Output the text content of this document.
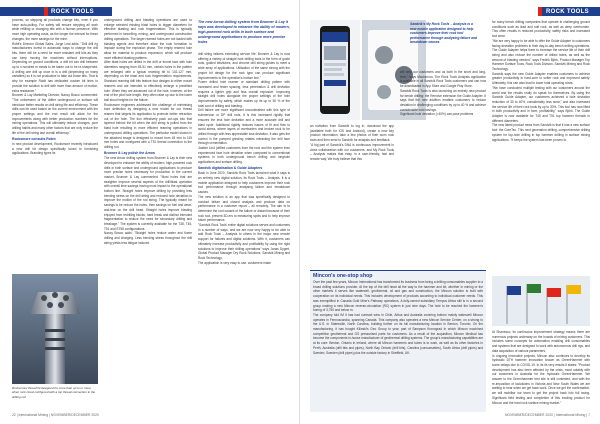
ROCK TOOLS

process, so stepping all products change bits, even if you have auto-pulling. For safety will ensure stepping all work while refilling or changing bits with a human presence. With more high operating costs, as the longer the interval for these changes, the more savings for the mine.

Robit's Director Global Sales, Jorge Leal adds: "Drill drill rig manufacturers invest in automatic ways to change the drill bits, there will be a need for more resistant drill bits as they can keep moving the machines without interruptions. Depending on ground conditions, a drill bit can drill between up to x hundred m meals to be taken out to be re-sharpened. A drilling one drill up once in is a drill (depending on many variables) so it is not productive to take out those bits. That is why for example Robit has dedicated custom bit lines to provide the solution to drill with more than amount of motion, extra resistance."

Brunner & Lay Marketing Director, Nancy Bosco commented: "The unforeseen of the drifter underground or surface will introduce better results on drill string life and efficiency. These drills can be used based on the current environment with the proper settings and the end result will allow for the improvements along with better production numbers for the mining operations. This will ultimately reduce changes, poor drilling habits and many other factors that are only reduce the life of the drill string last overall efficiency."

Rocksmore consults Rotex

In new product development, Rocksmore recently introduced a new drill bit design specifically tuned to furnishing applications. Branding types its

Rocksmore thread bit designed for more than up to or more when rock cloud configured with a top thread connection to the drilling rod

underground drilling and blasting operations are used to enlarge selected existing blast holes to bigger diameters for effective blasting and rock fragmentation. This is typically performed in tunnelling, mining, and underground construction drilling operations. The larger reamed holes are not loaded with blasting agents and therefore allow the rock formation to implode during the explosion phase. The empty reamed hole allow for material to produce expansion, which will produce more efficient blasting patterns.

After blast holes are drilled in the drift or tunnel face with hole diameters ranging from 45-51 mm, certain holes in the pattern are enlarged with a typical reaming bit to 102-127 mm, depending on the blast and rock fragmentation requirements. Standard reaming drill bits feature four designs to either mount reamers and are intended to effectively enlarge a predrilled hole. When they are advanced out of the hole, however, at the end of the pilot hole length, they often raise up due to the lower ball stood heights for the failure.

Rocksmore engineers addressed the challenge of minimising bore deflection by designing a new model for our thread reamer that targets its application to promote better retraction out of the hole. The tion effectively pack cut-ups into that tapered behind the bit when the drill string is pulled from the blast hole resulting in more efficient reaming operations in underground drilling operations. The particular model shown in the attached image is designed to mount from 45 mm to 115 mm holes and configured with a T51 thread connection to the drilling rod.

Brunner & Lay polish the Arrow

The new Arrow drilling system from Brunner & Lay is their new developed to enhance the ability of modern, high-powered rock drills in both surface and underground applications to produce more precise holes necessary for production in the current market, Brunner & Lay commented: "Most holes that are straighter improve several aspects of the drill/blast operation with overall time savings having most impact to the operational bottom line. Straight holes improve drilling by providing less bending stress on the drill string and reduced hole deviation to improve the motion of the rod string. The typically meant for savings to be reduce the holes, then savings on fuel and wear-and-tear on the drill head. Straight holes improve blasting enjoyed from redrilling blocks, hard break and distinct intended fragmentation to reduce the need for secondary drilling and breakage." The system is currently available for the T38, T45, T51 and ST58 configurations.

Nancy Bosco adds: "Straight holes reduce water and flume drilling and charging. Less bending stress throughout the drill string yields less fatigue induced

The new Arrow drilling system from Brunner & Lay it says was developed to enhance the ability of modern, high-powered rock drills in both surface and underground applications to produce more precise holes

drill string failures extending service life. Brunner & Lay is now offering a variety of straight hole drilling tools in the form of guide rods, guided bits/tubes, and chrome drill string guides to meet a wide array of applications. Utilisation of the same strong with the proper bit design for the rock type can produce significant improvements to the operation's bottom line."

Power drilled hole reamer or standard drilling pattern with increased and fewer spacing, less penetration & drill deviation requires a lighter grip and less overall explosive. Improving straight drill holes alongside the proper settings of the hole improvements by safety, which makes up its up to 50 % of the total cost of drilling and blasting.

Drill failure are more significant unconstrained with this type of submersion or DP drill rods. It is this increased rigidity that ensures the less hole deviation and a more accurate drill and blast cycle. Additional rigidity reduces issues of fit and flow to avoid stress, where layers of overburden and broken rock to be drilled through with less appreciable loss deviation. It also gets the control in the pumped grinding rotates extracting the drill face through cementation.

Joakim Lind (drilled customers from the rock and the system from experienced face hole deviation when compared to conventional systems in both underground bench drilling and longhole applications and surface drilling.

Sandvik digitalisation & Guide Adapters

Back in June 2020, Sandvik Rock Tools launched what it says is an entirely new digital solution, its Rock Tools – Analysis. It is a mobile application designed to help customers improve their rock tool performance through analysing failure and breakdown causes.

The new solution is an app that was specifically designed to conduct failure and closed analysis and produce data on performance in a customer report – all remotely. The aim is to determine the root causes of the failure or distant because of their rock tool, present 3D-ers to measuring spots and to help improve future performance.

"Sandvik Rock Tools' entire digital solutions serves and customers in a number of ways, and we are now very happy to be able to add Rock Tools – Analysis to others in the major new remote support for failures and digital solutions. With it, customers can ultimately increase productivity and profitability by using the right solutions to improve their drilling operations" says Jonas Dygert, Global Product Manager Dry Rock Solutions, Sandvik Mining and Rock Technology.

The application is very easy to use: customers make

22 | International Mining | NOVEMBER/DECEMBER 2020
ROCK TOOLS
Sandvik's My Rock Tools – Analysis is a new mobile application designed to help customers improve their rock tool performance through analysing failure and breakdown causes

an invitation from Sandvik to log in, download the app (available both for iOS and Android), create a new key product information, take a few photos of their worn rock tools and then send to Sandvik for analysis and feedback.

"A big part of Sandvik's DNA is continuous improvement in close collaboration with our customers, and My Rock Tools – Analysis makes that easy, in a user-friendly, fast and remote way. We truly believe that this

will help our customers and us both in the short and long-term," says Mackinnon. The Rock Tools Analysis application is available in all Sandvik Rock Tools customers and can now be downloaded in App Store and Google Play Store.

Sandvik Rock Tools is also launching an entirely new product for bench drilling: the Remove extension the Guide Adapter. It says that the new addition enables customers to reduce deviation in challenging conditions by up to 40 % and achieve considerable cost savings.

Significant hole deviation (>40%) can pose problems

for many bench drilling companies that operate in challenging ground conditions such as lead and soft rock, as well as deep overburden. This often results in reduced productivity, safety risks and increased tool wear.

"We are very happy to be able to offer the Guide Adapter to customers facing deviation problems in their day-to-day bench drilling operations. The Guide Adapter helps them to increase the service life of their drill string and also reduce the number of drilled holes, as well as the amount of blasting needed," says Fredrik Björk, Product Manager Top Hammer Surface Tools, Rock Tools Division, Sandvik Mining and Rock Technology.

Sandvik says the new Guide Adapter enables customers to achieve greater productivity in hard-core to softer rock and improved safety. Ultimately, this can also lead to lower total operating costs.

"We have conducted multiple testing with our customers around the world and the results really do speak for themselves. By using the Sandvik Guide Adapter, our customers achieved a hole deviation reduction of 30 to 40%, considerably less wear," and also increased the service life of their rock tools by up to 30%. This tool has now lifted in both productivity and in form, profitability," says Björk. The Guide Adapter is now available for T45 and T51 top hammer threads in different diameters.

The new latest product news from Sandvik is that it has a new surface tool: the CoreTec. This next generation drilling, comprehensive drilling system for top-hole drilling in top hammer drilling in surface mining applications. "It keeps the system has been proven to

Mincon's one-stop shop

Over the past few years, Mincon International has transformed its business from being a drilling consumables supplier to a broad drilling solutions provider. At the top of the drill head all the way to the hammer and bit, whether in mining or the other markets it serves like waterwell, geothermal, oil and gas and construction, the Mincon solution is built with cooperation on its individual needs. This includes development of products according to individual customer needs. This was exemplified in Canada Gold Mine's Pathway operations. A fully-owned subsidiary Tempus Africa still is in a second group making a new Mincon reverse-circulation (RC) system in just nine days. The hole to be reached the hammer's boring of 3,750 and below m.

The company told IM it has had contract wins in Chile, Africa and Australia covering bottom mainly waterwell Mincon operates in Fennoscandia, spanning Canada. This company also operates a new Mincon Service Center, on a strong to the U.S. in Statesville, North Carolina, building further on its full manufacturing location in Benton, Toronto. On the manufacturing, it has bought Kilinski's Geo Group to year, part of Sampson Kronograd In which Mincon machined competition geothermal and GS pressurised parts for customers. As a result of the acquisition, Mincon Medical has become the components in-house manufacturer of geothermal drilling systems. The group's manufacturing capabilities are at its core: Benton, Ontario in Ireland, where all Mincon hammers and tubes is to work, as well as its other factories in Perth, Australia (drill bits and pipes), North Bay Ontario (drill bits), Carolina (consumables), South Africa (drill pipes) and Sweden, Sweden (drill pipes) plus the outside factory in Sheffield, UK.

At Shanesco, its continuous improvement strategy means there are numerous projects underway on the hoards of mining customers. This includes some concepts for automation enabling drill consumables and systems that are designed to work with autonomous drill rigs, and data acquisition of various parameters.

In ongoing innovative projects, Mincon also continues to develop its hydraulic DTH hammer innovation known as GreenHammer with some delays due to COVID-19. In its its very results it states: "Product development has also been affected by the crisis, most notably with our customers in Australia for the hydraulic GreenHammer. We answer to the Greenhammer test site is still contested, and with the re-imposition of lockdowns in Victoria and New South Wales we are waiting to hear when we get back work. Once we get the confirmation, we will mobilise our team to get the project back into full swing. Significant field testing and completion of this exciting product for Mincon and the hard rock surface mining market."

NOVEMBER/DECEMBER 2020 | International Mining | 7
